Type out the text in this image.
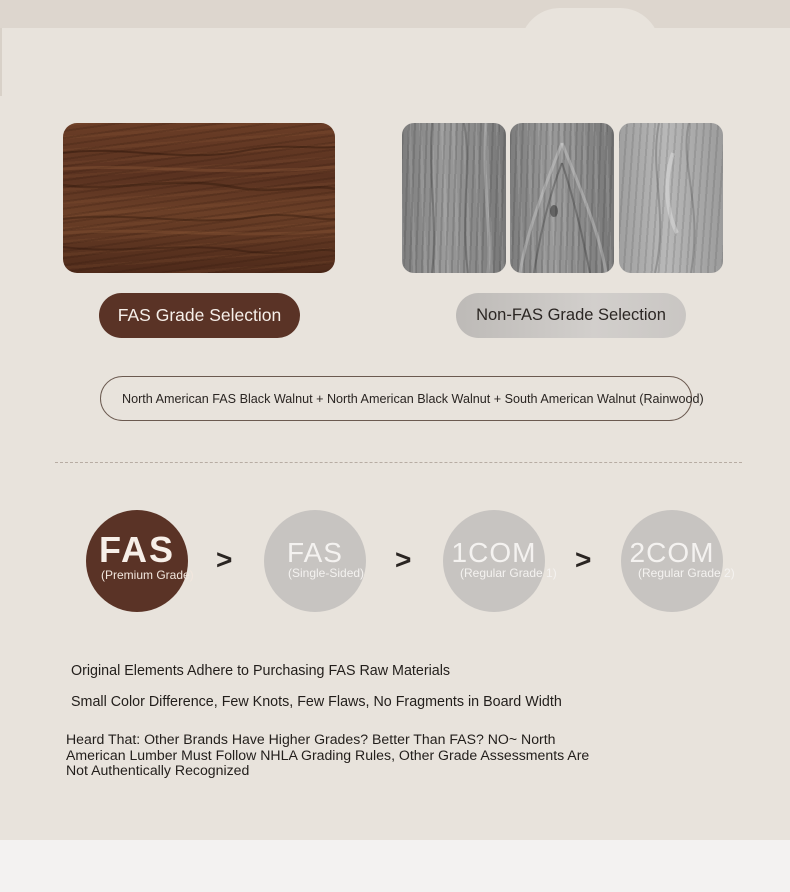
FAS Grade Selection	Non-FAS Grade Selection
North American FAS Black Walnut + North American Black Walnut + South American Walnut (Rainwood)
FAS
(Premium Grade) >	FAS
(Single-Sided) >	1COM
(Regular Grade 1) >	2COM
(Regular Grade 2)
Original Elements Adhere to Purchasing FAS Raw Materials
Small Color Difference, Few Knots, Few Flaws, No Fragments in Board Width
Heard That: Other Brands Have Higher Grades? Better Than FAS? NO~ North American Lumber Must Follow NHLA Grading Rules, Other Grade Assessments Are Not Authentically Recognized
